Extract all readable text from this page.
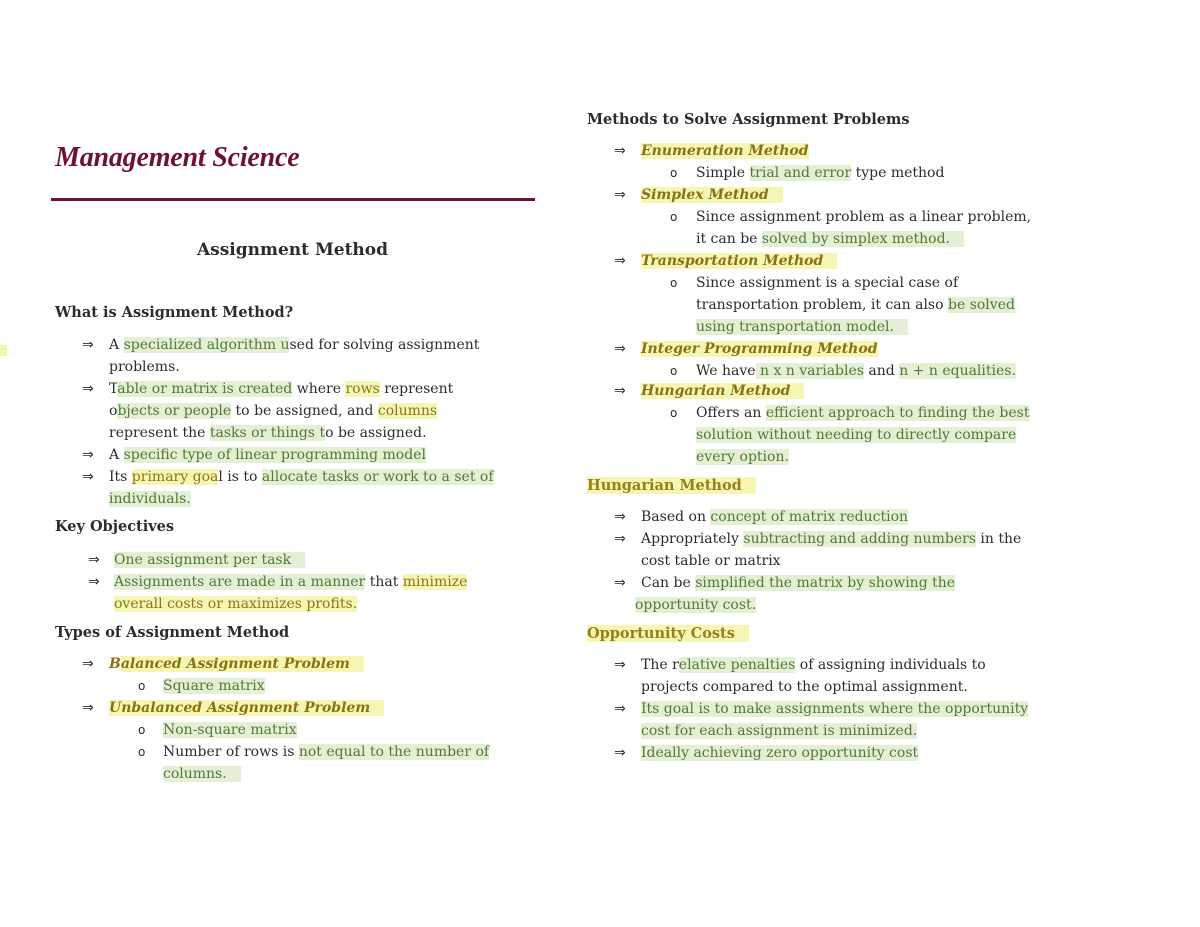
Management Science
Assignment Method
What is Assignment Method?
⇒ A specialized algorithm used for solving assignment
problems.
⇒ Table or matrix is created where rows represent
objects or people to be assigned, and columns
represent the tasks or things to be assigned.
⇒ A specific type of linear programming model
⇒ Its primary goal is to allocate tasks or work to a set of
individuals.
Key Objectives
⇒ One assignment per task
⇒ Assignments are made in a manner that minimize
overall costs or maximizes profits.
Types of Assignment Method
⇒ Balanced Assignment Problem
o Square matrix
⇒ Unbalanced Assignment Problem
o Non-square matrix
o Number of rows is not equal to the number of
columns.
Methods to Solve Assignment Problems
⇒ Enumeration Method
o Simple trial and error type method
⇒ Simplex Method
o Since assignment problem as a linear problem,
it can be solved by simplex method.
⇒ Transportation Method
o Since assignment is a special case of
transportation problem, it can also be solved
using transportation model.
⇒ Integer Programming Method
o We have n x n variables and n + n equalities.
⇒ Hungarian Method
o Offers an efficient approach to finding the best
solution without needing to directly compare
every option.
Hungarian Method
⇒ Based on concept of matrix reduction
⇒ Appropriately subtracting and adding numbers in the
cost table or matrix
⇒ Can be simplified the matrix by showing the
opportunity cost.
Opportunity Costs
⇒ The relative penalties of assigning individuals to
projects compared to the optimal assignment.
⇒ Its goal is to make assignments where the opportunity
cost for each assignment is minimized.
⇒ Ideally achieving zero opportunity cost
